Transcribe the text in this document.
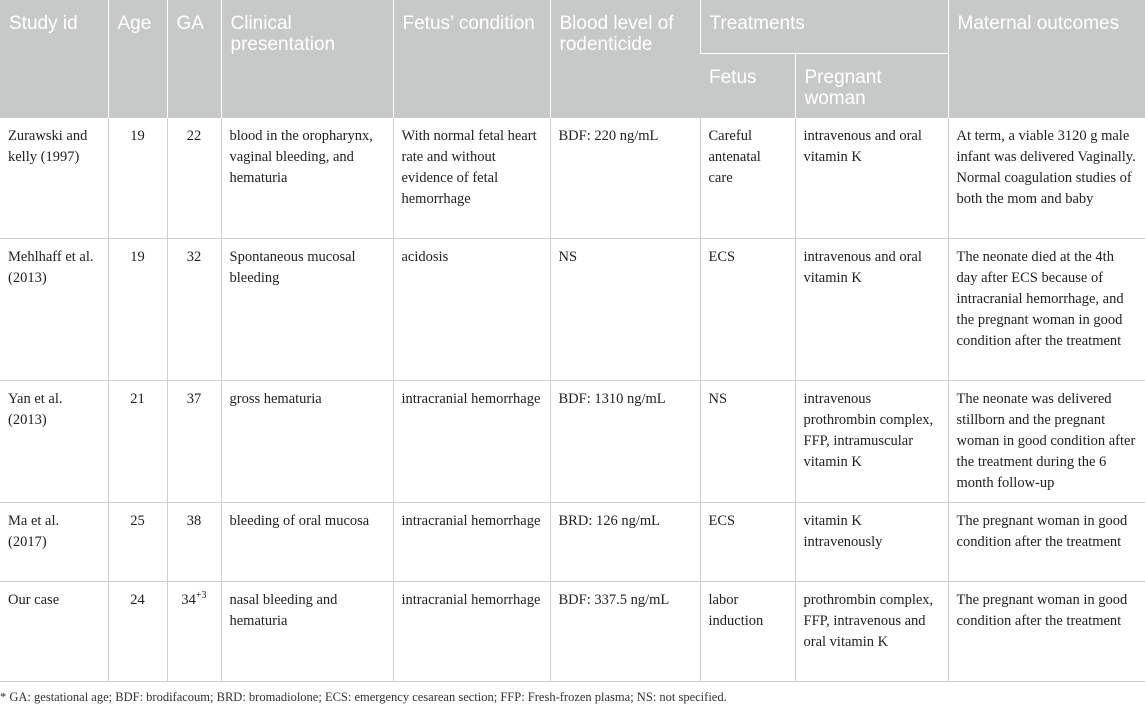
Study id	Age	GA	Clinical presentation	Fetus’ condition	Blood level of rodenticide	Treatments		Maternal outcomes
						Fetus	Pregnant woman	
Zurawski and kelly (1997)	19	22	blood in the oropharynx, vaginal bleeding, and hematuria	With normal fetal heart rate and without evidence of fetal hemorrhage	BDF: 220 ng/mL	Careful antenatal care	intravenous and oral vitamin K	At term, a viable 3120 g male infant was delivered Vaginally. Normal coagulation studies of both the mom and baby
Mehlhaff et al. (2013)	19	32	Spontaneous mucosal bleeding	acidosis	NS	ECS	intravenous and oral vitamin K	The neonate died at the 4th day after ECS because of intracranial hemorrhage, and the pregnant woman in good condition after the treatment
Yan et al. (2013)	21	37	gross hematuria	intracranial hemorrhage	BDF: 1310 ng/mL	NS	intravenous prothrombin complex, FFP, intramuscular vitamin K	The neonate was delivered stillborn and the pregnant woman in good condition after the treatment during the 6 month follow-up
Ma et al. (2017)	25	38	bleeding of oral mucosa	intracranial hemorrhage	BRD: 126 ng/mL	ECS	vitamin K intravenously	The pregnant woman in good condition after the treatment
Our case	24	$34^{+3}$	nasal bleeding and hematuria	intracranial hemorrhage	BDF: 337.5 ng/mL	labor induction	prothrombin complex, FFP, intravenous and oral vitamin K	The pregnant woman in good condition after the treatment
* GA: gestational age; BDF: brodifacoum; BRD: bromadiolone; ECS: emergency cesarean section; FFP: Fresh-frozen plasma; NS: not specified.
